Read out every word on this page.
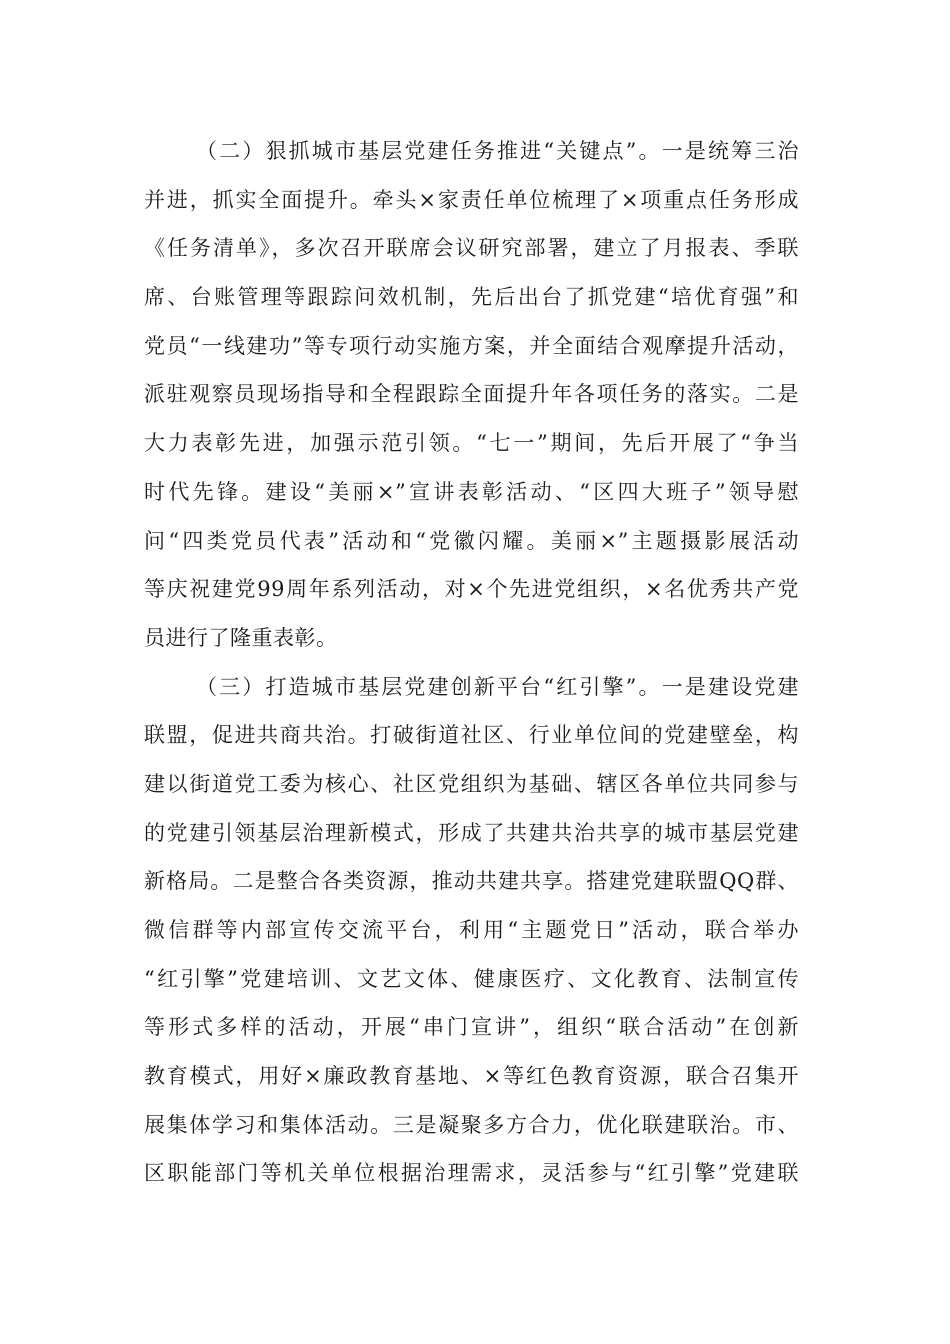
（二）狠抓城市基层党建任务推进“关键点”。一是统筹三治
并进，抓实全面提升。牵头×家责任单位梳理了×项重点任务形成
《任务清单》，多次召开联席会议研究部署，建立了月报表、季联
席、台账管理等跟踪问效机制，先后出台了抓党建“培优育强”和
党员“一线建功”等专项行动实施方案，并全面结合观摩提升活动，
派驻观察员现场指导和全程跟踪全面提升年各项任务的落实。二是
大力表彰先进，加强示范引领。“七一”期间，先后开展了“争当
时代先锋。建设“美丽×”宣讲表彰活动、“区四大班子”领导慰
问“四类党员代表”活动和“党徽闪耀。美丽×”主题摄影展活动
等庆祝建党99周年系列活动，对×个先进党组织，×名优秀共产党
员进行了隆重表彰。
（三）打造城市基层党建创新平台“红引擎”。一是建设党建
联盟，促进共商共治。打破街道社区、行业单位间的党建壁垒，构
建以街道党工委为核心、社区党组织为基础、辖区各单位共同参与
的党建引领基层治理新模式，形成了共建共治共享的城市基层党建
新格局。二是整合各类资源，推动共建共享。搭建党建联盟QQ群、
微信群等内部宣传交流平台，利用“主题党日”活动，联合举办
“红引擎”党建培训、文艺文体、健康医疗、文化教育、法制宣传
等形式多样的活动，开展“串门宣讲”，组织“联合活动”在创新
教育模式，用好×廉政教育基地、×等红色教育资源，联合召集开
展集体学习和集体活动。三是凝聚多方合力，优化联建联治。市、
区职能部门等机关单位根据治理需求，灵活参与“红引擎”党建联
